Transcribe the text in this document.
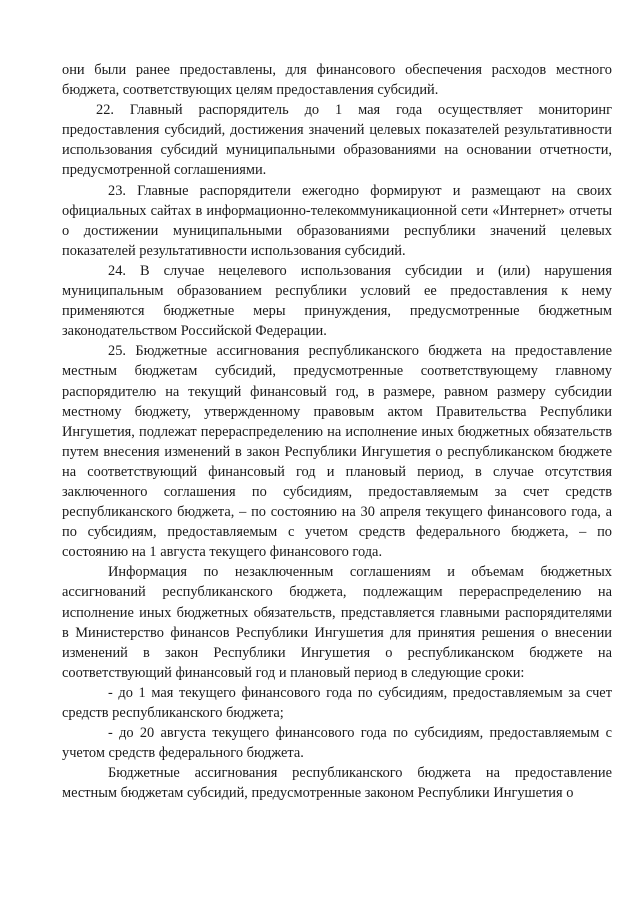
они были ранее предоставлены, для финансового обеспечения расходов местного бюджета, соответствующих целям предоставления субсидий.

22. Главный распорядитель до 1 мая года осуществляет мониторинг предоставления субсидий, достижения значений целевых показателей результативности использования субсидий муниципальными образованиями на основании отчетности, предусмотренной соглашениями.

23. Главные распорядители ежегодно формируют и размещают на своих официальных сайтах в информационно-телекоммуникационной сети «Интернет» отчеты о достижении муниципальными образованиями республики значений целевых показателей результативности использования субсидий.

24. В случае нецелевого использования субсидии и (или) нарушения муниципальным образованием республики условий ее предоставления к нему применяются бюджетные меры принуждения, предусмотренные бюджетным законодательством Российской Федерации.

25. Бюджетные ассигнования республиканского бюджета на предоставление местным бюджетам субсидий, предусмотренные соответствующему главному распорядителю на текущий финансовый год, в размере, равном размеру субсидии местному бюджету, утвержденному правовым актом Правительства Республики Ингушетия, подлежат перераспределению на исполнение иных бюджетных обязательств путем внесения изменений в закон Республики Ингушетия о республиканском бюджете на соответствующий финансовый год и плановый период, в случае отсутствия заключенного соглашения по субсидиям, предоставляемым за счет средств республиканского бюджета, – по состоянию на 30 апреля текущего финансового года, а по субсидиям, предоставляемым с учетом средств федерального бюджета, – по состоянию на 1 августа текущего финансового года.

Информация по незаключенным соглашениям и объемам бюджетных ассигнований республиканского бюджета, подлежащим перераспределению на исполнение иных бюджетных обязательств, представляется главными распорядителями в Министерство финансов Республики Ингушетия для принятия решения о внесении изменений в закон Республики Ингушетия о республиканском бюджете на соответствующий финансовый год и плановый период в следующие сроки:

- до 1 мая текущего финансового года по субсидиям, предоставляемым за счет средств республиканского бюджета;

- до 20 августа текущего финансового года по субсидиям, предоставляемым с учетом средств федерального бюджета.

Бюджетные ассигнования республиканского бюджета на предоставление местным бюджетам субсидий, предусмотренные законом Республики Ингушетия о
